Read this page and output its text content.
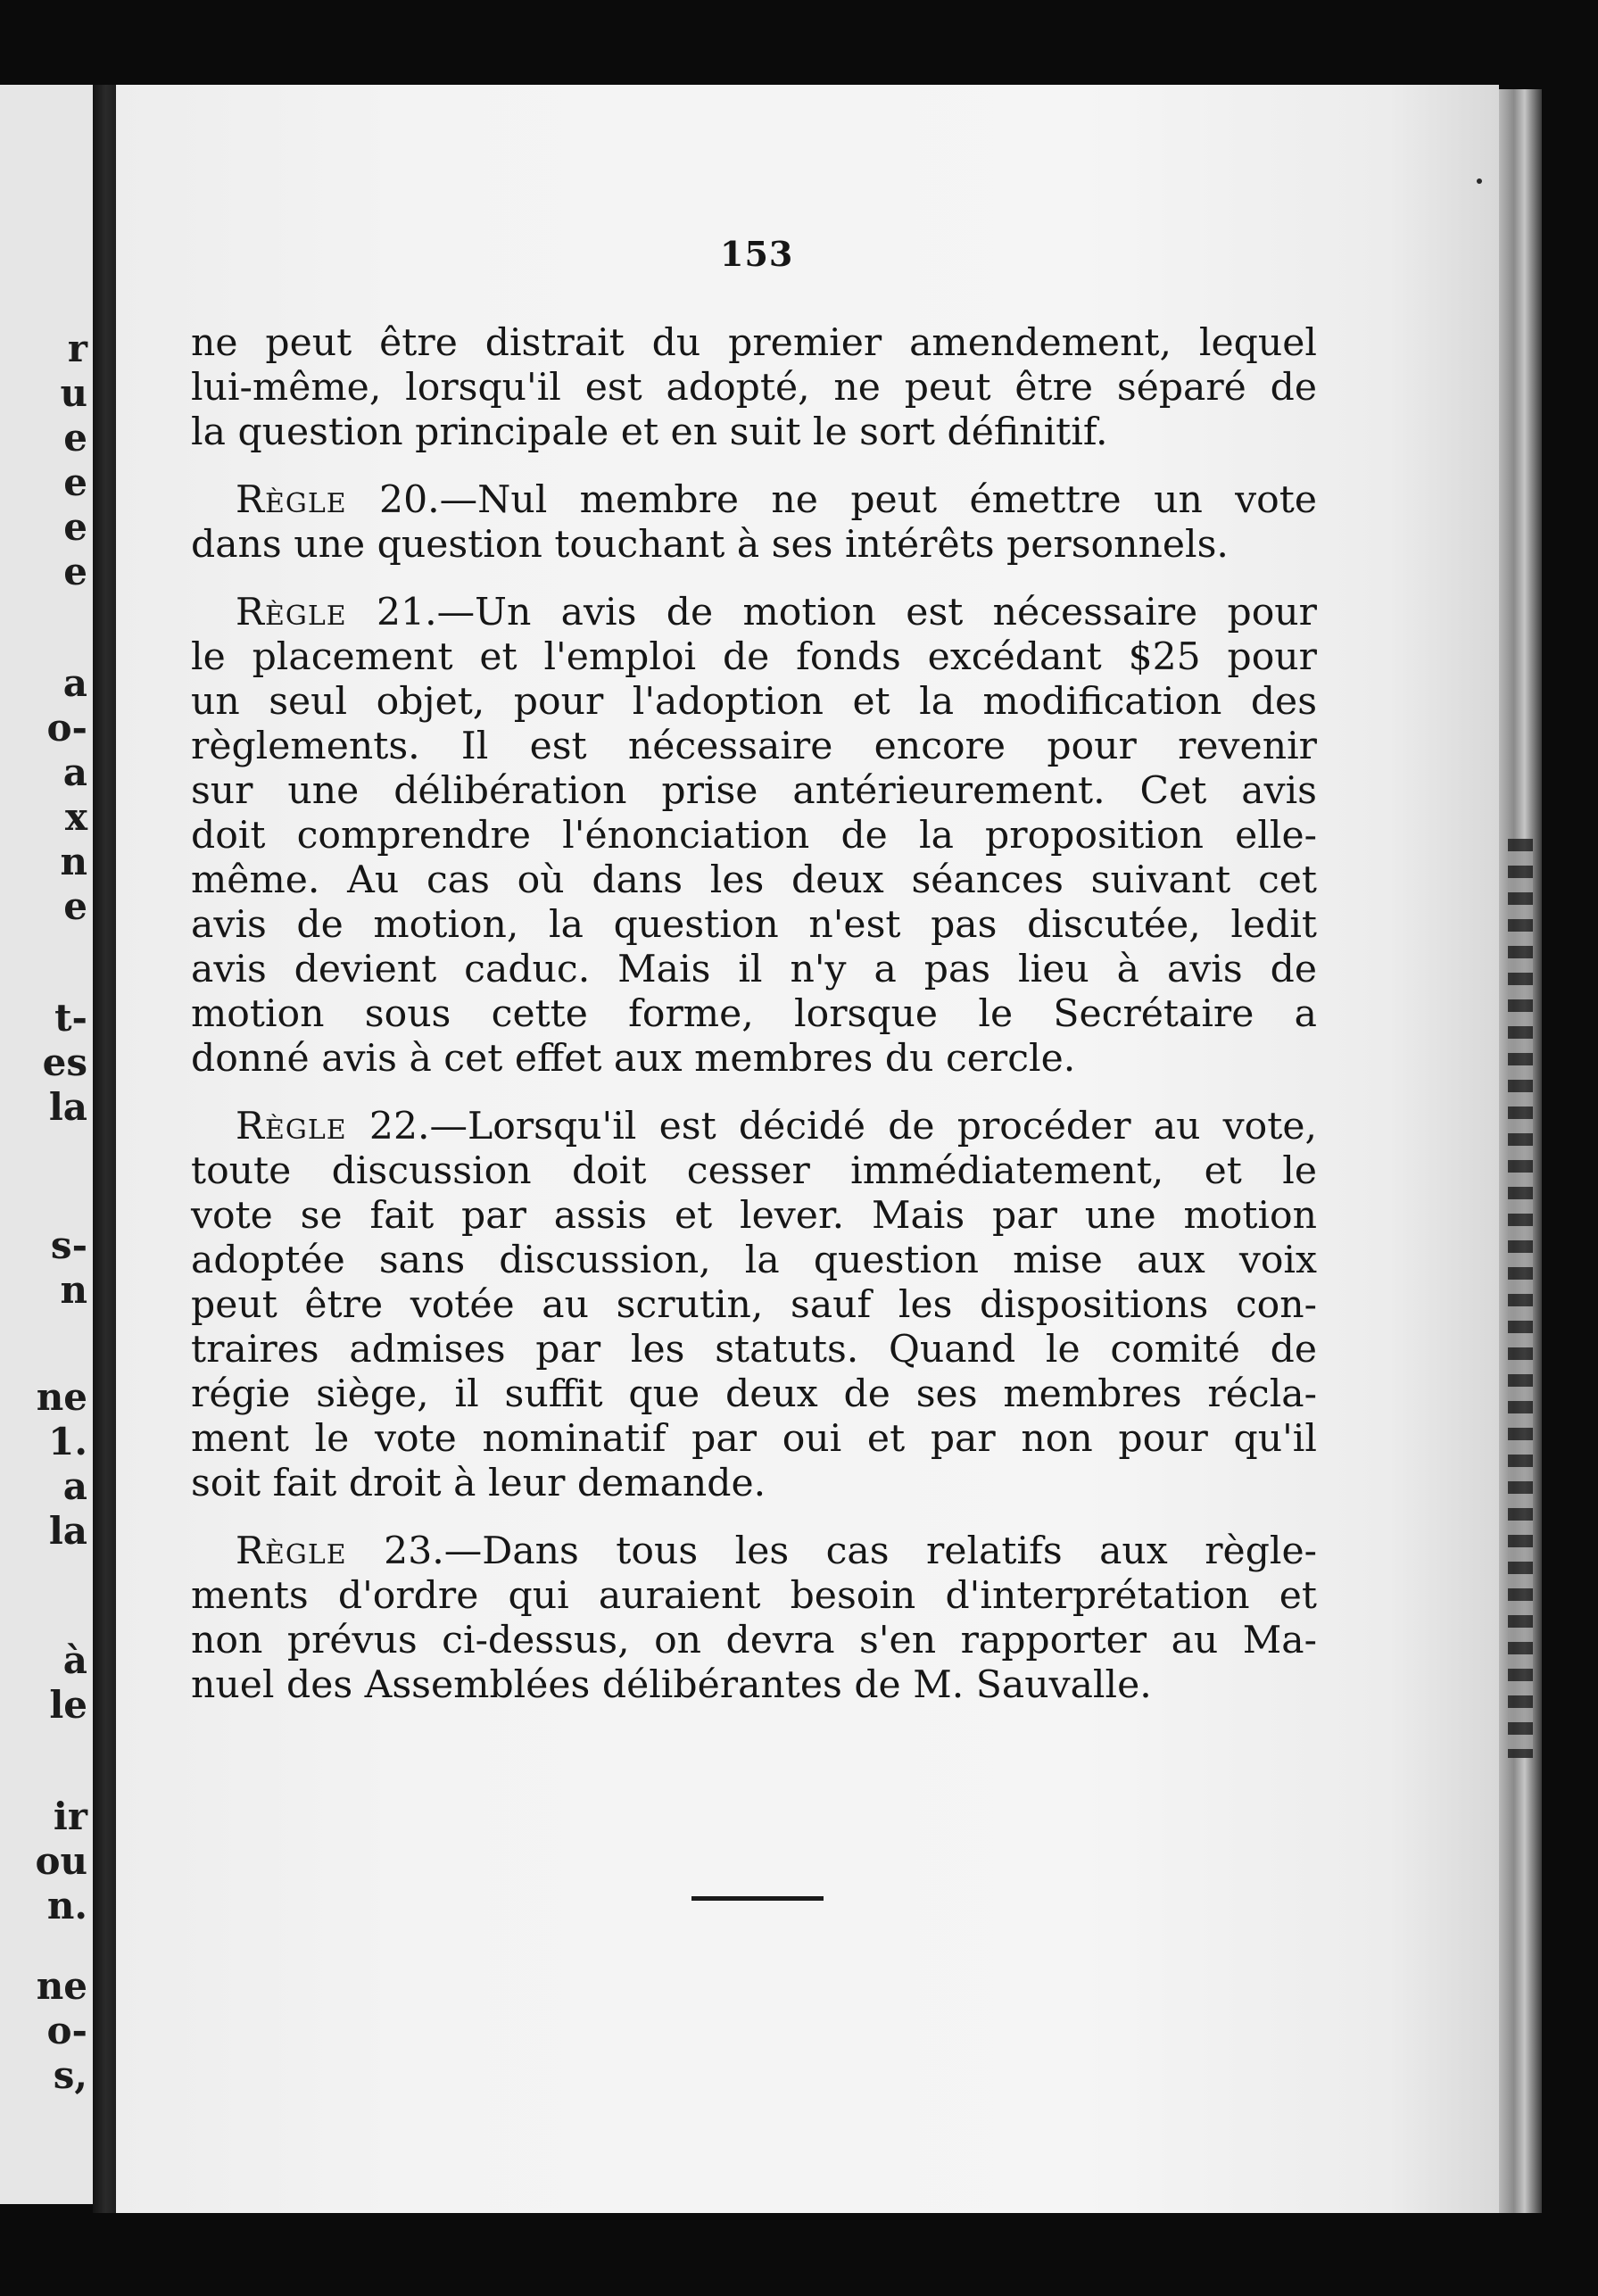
r
u
e
e
e
e
a
o-
a
x
n
e
t-
es
la
s-
n
ne
1.
a
la
à
le
ir
ou
n.
ne
o-
s,
153
ne peut être distrait du premier amendement, lequel
lui-même, lorsqu'il est adopté, ne peut être séparé de
la question principale et en suit le sort définitif.
Règle 20.—Nul membre ne peut émettre un vote
dans une question touchant à ses intérêts personnels.
Règle 21.—Un avis de motion est nécessaire pour
le placement et l'emploi de fonds excédant $25 pour
un seul objet, pour l'adoption et la modification des
règlements. Il est nécessaire encore pour revenir
sur une délibération prise antérieurement. Cet avis
doit comprendre l'énonciation de la proposition elle-
même. Au cas où dans les deux séances suivant cet
avis de motion, la question n'est pas discutée, ledit
avis devient caduc. Mais il n'y a pas lieu à avis de
motion sous cette forme, lorsque le Secrétaire a
donné avis à cet effet aux membres du cercle.
Règle 22.—Lorsqu'il est décidé de procéder au vote,
toute discussion doit cesser immédiatement, et le
vote se fait par assis et lever. Mais par une motion
adoptée sans discussion, la question mise aux voix
peut être votée au scrutin, sauf les dispositions con-
traires admises par les statuts. Quand le comité de
régie siège, il suffit que deux de ses membres récla-
ment le vote nominatif par oui et par non pour qu'il
soit fait droit à leur demande.
Règle 23.—Dans tous les cas relatifs aux règle-
ments d'ordre qui auraient besoin d'interprétation et
non prévus ci-dessus, on devra s'en rapporter au Ma-
nuel des Assemblées délibérantes de M. Sauvalle.
